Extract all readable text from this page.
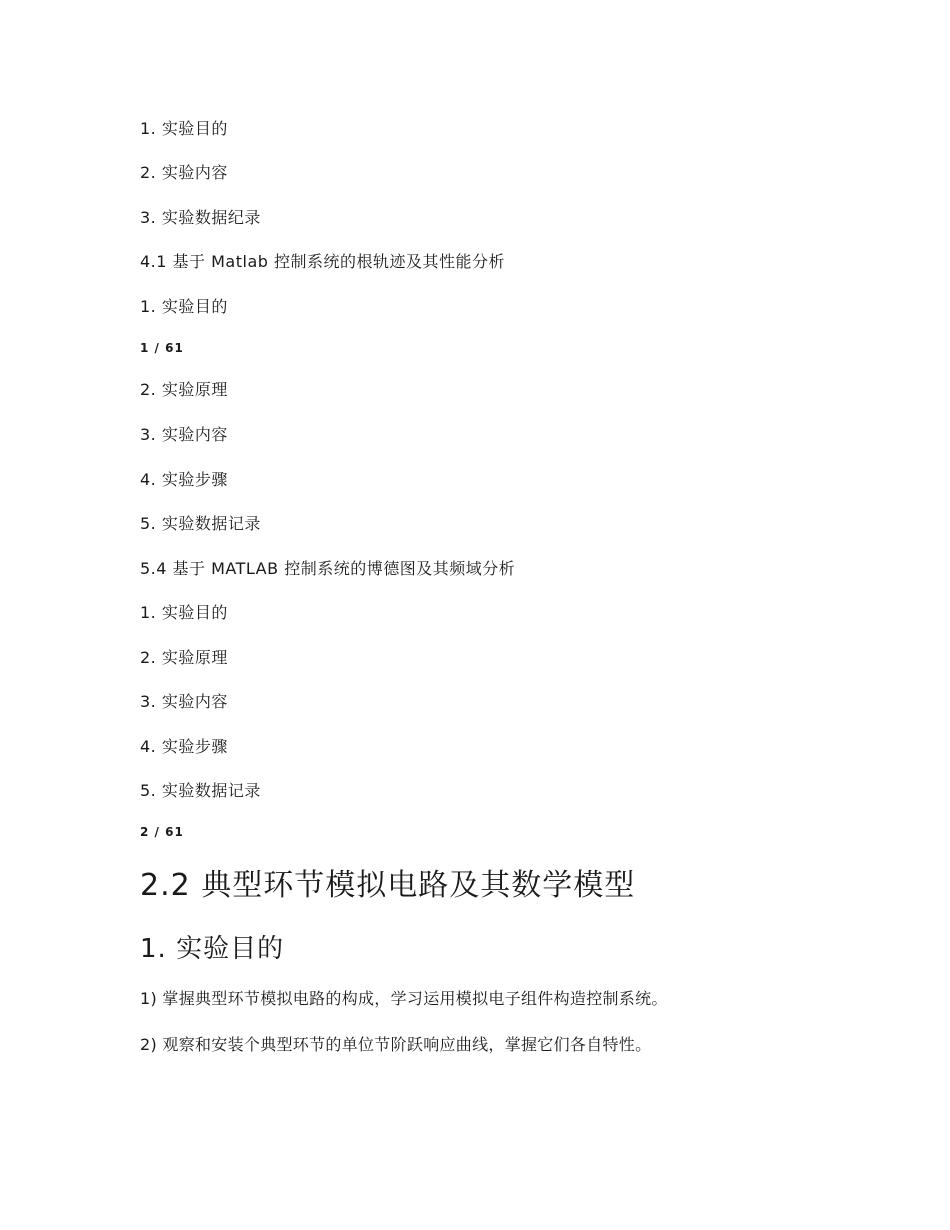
1. 实验目的

2. 实验内容

3. 实验数据纪录

4.1 基于 Matlab 控制系统的根轨迹及其性能分析

1. 实验目的

1 / 61

2. 实验原理

3. 实验内容

4. 实验步骤

5. 实验数据记录

5.4 基于 MATLAB 控制系统的博德图及其频域分析

1. 实验目的

2. 实验原理

3. 实验内容

4. 实验步骤

5. 实验数据记录

2 / 61

2.2 典型环节模拟电路及其数学模型
1. 实验目的

1) 掌握典型环节模拟电路的构成，学习运用模拟电子组件构造控制系统。

2) 观察和安装个典型环节的单位节阶跃响应曲线，掌握它们各自特性。
